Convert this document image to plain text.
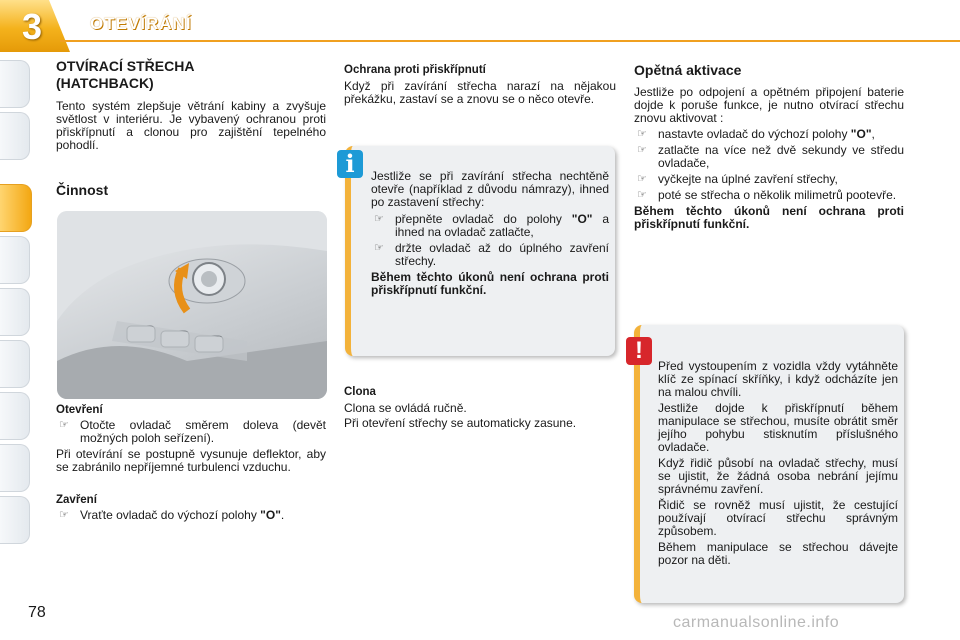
3	OTEVÍRÁNÍ
OTVÍRACÍ STŘECHA
(HATCHBACK)

Tento systém zlepšuje větrání kabiny a zvyšuje světlost v interiéru. Je vybavený ochranou proti přiskřípnutí a clonou pro zajištění tepelného pohodlí.

Činnost
Otevření
☞ Otočte ovladač směrem doleva (devět možných poloh seřízení).

Při otevírání se postupně vysunuje deflektor, aby se zabránilo nepříjemné turbulenci vzduchu.

Zavření
☞ Vraťte ovladač do výchozí polohy "O".
Ochrana proti přiskřípnutí

Když při zavírání střecha narazí na nějakou překážku, zastaví se a znovu se o něco otevře.

i	Jestliže se při zavírání střecha nechtěně otevře (například z důvodu námrazy), ihned po zastavení střechy:

☞ přepněte ovladač do polohy "O" a ihned na ovladač zatlačte,
☞ držte ovladač až do úplného zavření střechy.

Během těchto úkonů není ochrana proti přiskřípnutí funkční.

Clona

Clona se ovládá ručně.

Při otevření střechy se automaticky zasune.

Opětná aktivace

Jestliže po odpojení a opětném připojení baterie dojde k poruše funkce, je nutno otvírací střechu znovu aktivovat :

☞ nastavte ovladač do výchozí polohy "O",
☞ zatlačte na více než dvě sekundy ve středu ovladače,
☞ vyčkejte na úplné zavření střechy,
☞ poté se střecha o několik milimetrů pootevře.

Během těchto úkonů není ochrana proti přiskřípnutí funkční.

!

Před vystoupením z vozidla vždy vytáhněte klíč ze spínací skříňky, i když odcházíte jen na malou chvíli.

Jestliže dojde k přiskřípnutí během manipulace se střechou, musíte obrátit směr jejího pohybu stisknutím příslušného ovladače.

Když řidič působí na ovladač střechy, musí se ujistit, že žádná osoba nebrání jejímu správnému zavření.

Řidič se rovněž musí ujistit, že cestující používají otvírací střechu správným způsobem.

Během manipulace se střechou dávejte pozor na děti.

78
carmanualsonline.info
